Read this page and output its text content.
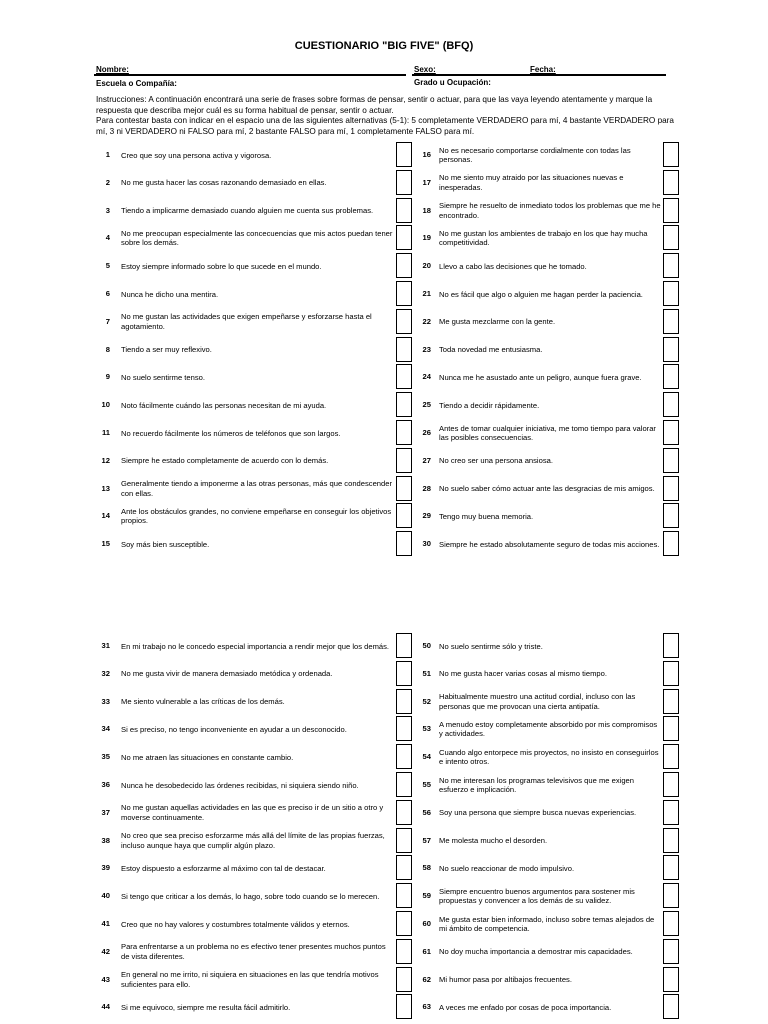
CUESTIONARIO "BIG FIVE" (BFQ)
Nombre:	Sexo:	Fecha:
Escuela o Compañía:	Grado u Ocupación:

Instrucciones: A continuación encontrará una serie de frases sobre formas de pensar, sentir o actuar, para que las vaya leyendo atentamente y marque la respuesta que describa mejor cuál es su forma habitual de pensar, sentir o actuar.

Para contestar basta con indicar en el espacio una de las siguientes alternativas (5-1): 5 completamente VERDADERO para mí, 4 bastante VERDADERO para mí, 3 ni VERDADERO ni FALSO para mí, 2 bastante FALSO para mí, 1 completamente FALSO para mí.

1 Creo que soy una persona activa y vigorosa.
2 No me gusta hacer las cosas razonando demasiado en ellas.
3 Tiendo a implicarme demasiado cuando alguien me cuenta sus problemas.
4 No me preocupan especialmente las concecuencias que mis actos puedan tener sobre los demás.
5 Estoy siempre informado sobre lo que sucede en el mundo.
6 Nunca he dicho una mentira.
7 No me gustan las actividades que exigen empeñarse y esforzarse hasta el agotamiento.
8 Tiendo a ser muy reflexivo.
9 No suelo sentirme tenso.
10 Noto fácilmente cuándo las personas necesitan de mi ayuda.
11 No recuerdo fácilmente los números de teléfonos que son largos.
12 Siempre he estado completamente de acuerdo con lo demás.
13 Generalmente tiendo a imponerme a las otras personas, más que condescender con ellas.
14 Ante los obstáculos grandes, no conviene empeñarse en conseguir los objetivos propios.
15 Soy más bien susceptible.
16 No es necesario comportarse cordialmente con todas las personas.
17 No me siento muy atraido por las situaciones nuevas e inesperadas.
18 Siempre he resuelto de inmediato todos los problemas que me he encontrado.
19 No me gustan los ambientes de trabajo en los que hay mucha competitividad.
20 Llevo a cabo las decisiones que he tomado.
21 No es fácil que algo o alguien me hagan perder la paciencia.
22 Me gusta mezclarme con la gente.
23 Toda novedad me entusiasma.
24 Nunca me he asustado ante un peligro, aunque fuera grave.
25 Tiendo a decidir rápidamente.
26 Antes de tomar cualquier iniciativa, me tomo tiempo para valorar las posibles consecuencias.
27 No creo ser una persona ansiosa.
28 No suelo saber cómo actuar ante las desgracias de mis amigos.
29 Tengo muy buena memoria.
30 Siempre he estado absolutamente seguro de todas mis acciones.
31 En mi trabajo no le concedo especial importancia a rendir mejor que los demás.
32 No me gusta vivir de manera demasiado metódica y ordenada.
33 Me siento vulnerable a las críticas de los demás.
34 Si es preciso, no tengo inconveniente en ayudar a un desconocido.
35 No me atraen las situaciones en constante cambio.
36 Nunca he desobedecido las órdenes recibidas, ni siquiera siendo niño.
37 No me gustan aquellas actividades en las que es preciso ir de un sitio a otro y moverse continuamente.
38 No creo que sea preciso esforzarme más allá del límite de las propias fuerzas, incluso aunque haya que cumplir algún plazo.
39 Estoy dispuesto a esforzarme al máximo con tal de destacar.
40 Si tengo que criticar a los demás, lo hago, sobre todo cuando se lo merecen.
41 Creo que no hay valores y costumbres totalmente válidos y eternos.
42 Para enfrentarse a un problema no es efectivo tener presentes muchos puntos de vista diferentes.
43 En general no me irrito, ni siquiera en situaciones en las que tendría motivos suficientes para ello.
44 Si me equivoco, siempre me resulta fácil admitirlo.
50 No suelo sentirme sólo y triste.
51 No me gusta hacer varias cosas al mismo tiempo.
52 Habitualmente muestro una actitud cordial, incluso con las personas que me provocan una cierta antipatía.
53 A menudo estoy completamente absorbido por mis compromisos y actividades.
54 Cuando algo entorpece mis proyectos, no insisto en conseguirlos e intento otros.
55 No me interesan los programas televisivos que me exigen esfuerzo e implicación.
56 Soy una persona que siempre busca nuevas experiencias.
57 Me molesta mucho el desorden.
58 No suelo reaccionar de modo impulsivo.
59 Siempre encuentro buenos argumentos para sostener mis propuestas y convencer a los demás de su validez.
60 Me gusta estar bien informado, incluso sobre temas alejados de mi ámbito de competencia.
61 No doy mucha importancia a demostrar mis capacidades.
62 Mi humor pasa por altibajos frecuentes.
63 A veces me enfado por cosas de poca importancia.
